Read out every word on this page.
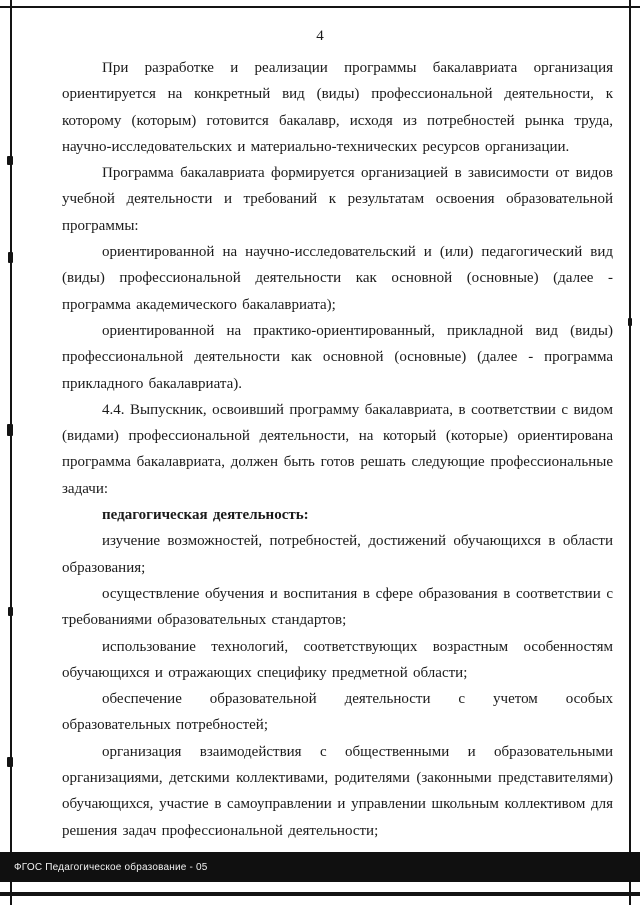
4

При разработке и реализации программы бакалавриата организация ориентируется на конкретный вид (виды) профессиональной деятельности, к которому (которым) готовится бакалавр, исходя из потребностей рынка труда, научно-исследовательских и материально-технических ресурсов организации.

Программа бакалавриата формируется организацией в зависимости от видов учебной деятельности и требований к результатам освоения образовательной программы:

ориентированной на научно-исследовательский и (или) педагогический вид (виды) профессиональной деятельности как основной (основные) (далее - программа академического бакалавриата);

ориентированной на практико-ориентированный, прикладной вид (виды) профессиональной деятельности как основной (основные) (далее - программа прикладного бакалавриата).

4.4. Выпускник, освоивший программу бакалавриата, в соответствии с видом (видами) профессиональной деятельности, на который (которые) ориентирована программа бакалавриата, должен быть готов решать следующие профессиональные задачи:

педагогическая деятельность:

изучение возможностей, потребностей, достижений обучающихся в области образования;

осуществление обучения и воспитания в сфере образования в соответствии с требованиями образовательных стандартов;

использование технологий, соответствующих возрастным особенностям обучающихся и отражающих специфику предметной области;

обеспечение образовательной деятельности с учетом особых образовательных потребностей;

организация взаимодействия с общественными и образовательными организациями, детскими коллективами, родителями (законными представителями) обучающихся, участие в самоуправлении и управлении школьным коллективом для решения задач профессиональной деятельности;

ФГОС Педагогическое образование - 05
